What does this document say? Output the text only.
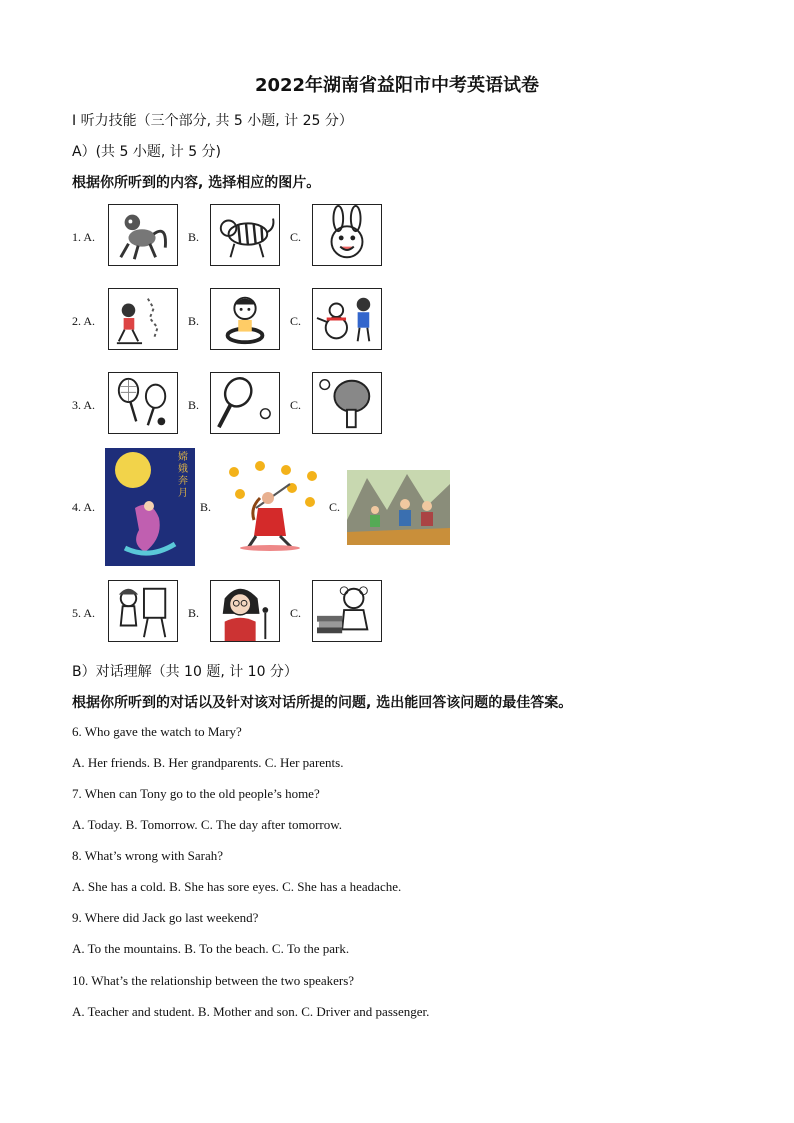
2022年湖南省益阳市中考英语试卷
I 听力技能（三个部分, 共 5 小题, 计 25 分）
A）(共 5 小题, 计 5 分)
根据你所听到的内容, 选择相应的图片。
1. A.	B.	C.
2. A.	B.	C.
3. A.	B.	C.
4. A.
嫦娥奔月
B.	C.
5. A.	B.	C.
B）对话理解（共 10 题, 计 10 分）
根据你所听到的对话以及针对该对话所提的问题, 选出能回答该问题的最佳答案。
6. Who gave the watch to Mary?
A. Her friends. B. Her grandparents. C. Her parents.
7. When can Tony go to the old people’s home?
A. Today. B. Tomorrow. C. The day after tomorrow.
8. What’s wrong with Sarah?
A. She has a cold. B. She has sore eyes. C. She has a headache.
9. Where did Jack go last weekend?
A. To the mountains. B. To the beach. C. To the park.
10. What’s the relationship between the two speakers?
A. Teacher and student. B. Mother and son. C. Driver and passenger.
